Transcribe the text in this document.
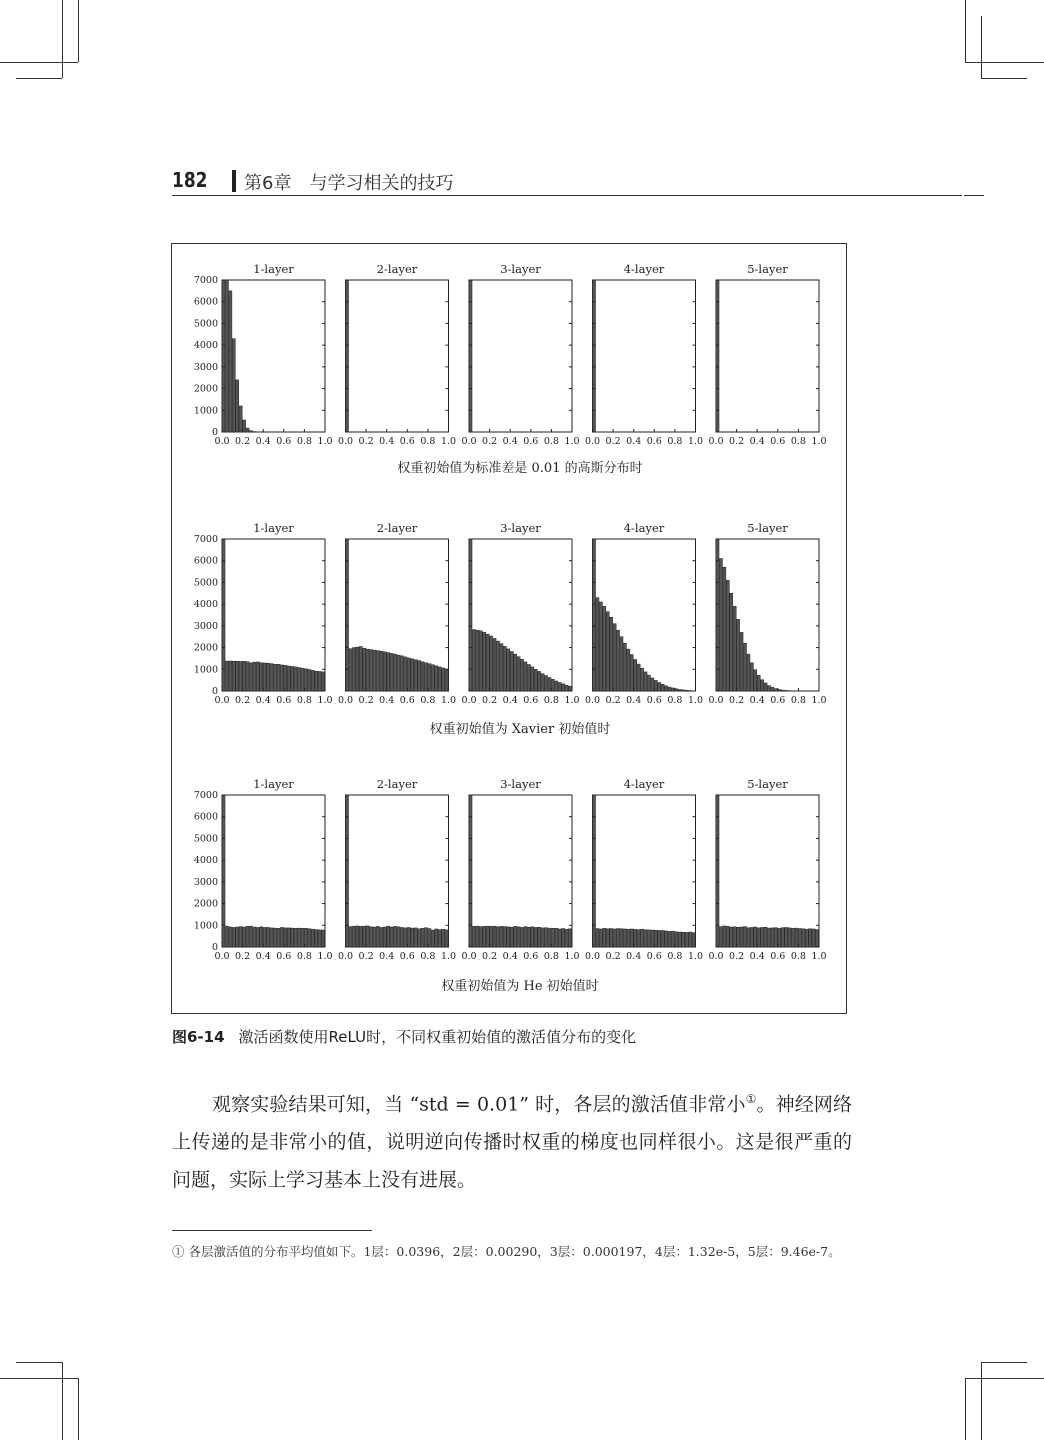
182 第6章　与学习相关的技巧
1-layer
0.0 0.2 0.4 0.6 0.8 1.0
0
1000
2000
3000
4000
5000
6000
7000
2-layer
0.0 0.2 0.4 0.6 0.8 1.0
3-layer
0.0 0.2 0.4 0.6 0.8 1.0
4-layer
0.0 0.2 0.4 0.6 0.8 1.0
5-layer
0.0 0.2 0.4 0.6 0.8 1.0
权重初始值为标准差是 0.01 的高斯分布时
1-layer
0.0 0.2 0.4 0.6 0.8 1.0
0
1000
2000
3000
4000
5000
6000
7000
2-layer
0.0 0.2 0.4 0.6 0.8 1.0
3-layer
0.0 0.2 0.4 0.6 0.8 1.0
4-layer
0.0 0.2 0.4 0.6 0.8 1.0
5-layer
0.0 0.2 0.4 0.6 0.8 1.0
权重初始值为 Xavier 初始值时
1-layer
0.0 0.2 0.4 0.6 0.8 1.0
0
1000
2000
3000
4000
5000
6000
7000
2-layer
0.0 0.2 0.4 0.6 0.8 1.0
3-layer
0.0 0.2 0.4 0.6 0.8 1.0
4-layer
0.0 0.2 0.4 0.6 0.8 1.0
5-layer
0.0 0.2 0.4 0.6 0.8 1.0
权重初始值为 He 初始值时
图6-14 激活函数使用ReLU时，不同权重初始值的激活值分布的变化
观察实验结果可知，当 “std = 0.01” 时，各层的激活值非常小①。神经网络上传递的是非常小的值，说明逆向传播时权重的梯度也同样很小。这是很严重的问题，实际上学习基本上没有进展。
① 各层激活值的分布平均值如下。1层：0.0396，2层：0.00290，3层：0.000197，4层：1.32e-5，5层：9.46e-7。
